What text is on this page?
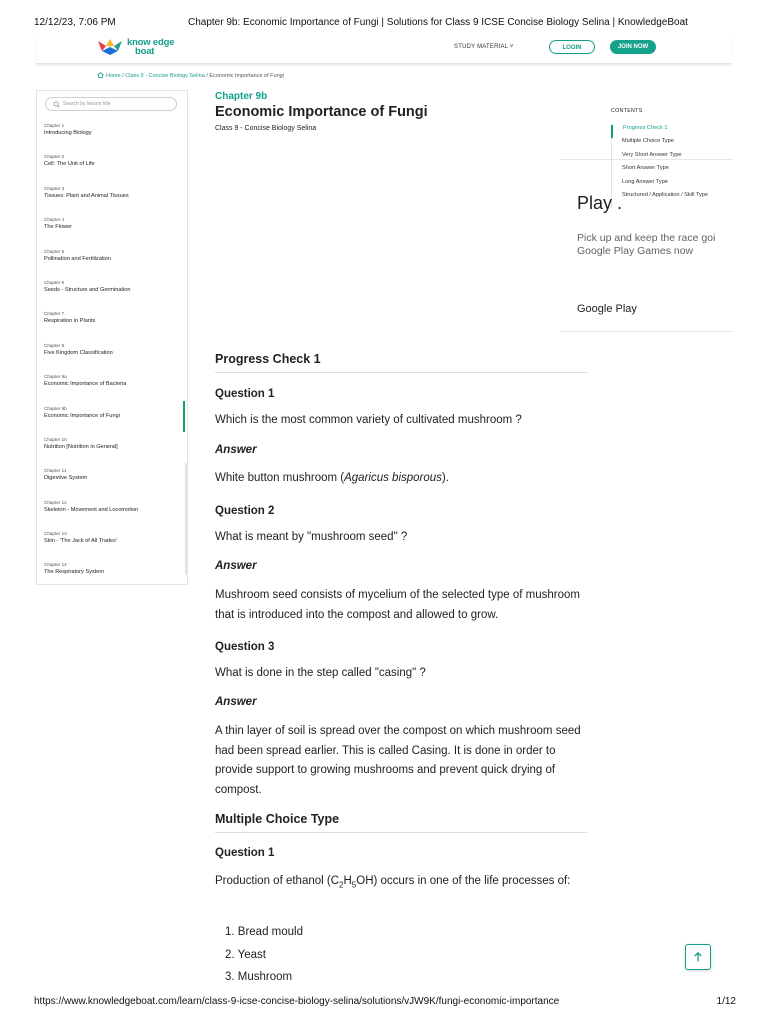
12/12/23, 7:06 PM	Chapter 9b: Economic Importance of Fungi | Solutions for Class 9 ICSE Concise Biology Selina | KnowledgeBoat
know edge
boat	STUDY MATERIAL ˅	LOGIN	JOIN NOW
Home / Class 9 - Concise Biology Selina / Economic Importance of Fungi
Search by lesson title
Chapter 1
Introducing Biology
Chapter 2
Cell: The Unit of Life
Chapter 3
Tissues: Plant and Animal Tissues
Chapter 4
The Flower
Chapter 5
Pollination and Fertilization
Chapter 6
Seeds - Structure and Germination
Chapter 7
Respiration in Plants
Chapter 8
Five Kingdom Classification
Chapter 9a
Economic Importance of Bacteria
Chapter 9b
Economic Importance of Fungi
Chapter 10
Nutrition [Nutrition in General]
Chapter 11
Digestive System
Chapter 12
Skeleton - Movement and Locomotion
Chapter 13
Skin - 'The Jack of All Trades'
Chapter 14
The Respiratory System
Chapter 9b
Economic Importance of Fungi
Class 9 - Concise Biology Selina
Progress Check 1
Question 1
Which is the most common variety of cultivated mushroom ?
Answer
White button mushroom (Agaricus bisporous).
Question 2
What is meant by "mushroom seed" ?
Answer
Mushroom seed consists of mycelium of the selected type of mushroom that is introduced into the compost and allowed to grow.
Question 3
What is done in the step called "casing" ?
Answer
A thin layer of soil is spread over the compost on which mushroom seed had been spread earlier. This is called Casing. It is done in order to provide support to growing mushrooms and prevent quick drying of compost.
Multiple Choice Type
Question 1
Production of ethanol $(C_2H_5OH)$ occurs in one of the life processes of:
1. Bread mould
2. Yeast
3. Mushroom
CONTENTS
Progress Check 1
Multiple Choice Type
Very Short Answer Type
Short Answer Type
Long Answer Type
Structured / Application / Skill Type
Play .
Pick up and keep the race goi
Google Play Games now
Google Play
https://www.knowledgeboat.com/learn/class-9-icse-concise-biology-selina/solutions/vJW9K/fungi-economic-importance	1/12
